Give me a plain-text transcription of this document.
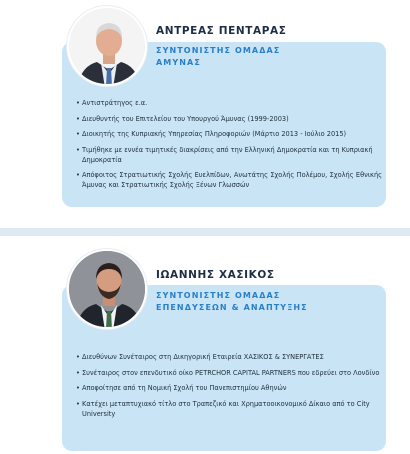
ΑΝΤΡΕΑΣ ΠΕΝΤΑΡΑΣ
ΣΥΝΤΟΝΙΣΤΗΣ ΟΜΑΔΑΣ
ΑΜΥΝΑΣ
• Αντιστράτηγος ε.α.
• Διευθυντής του Επιτελείου του Υπουργού Άμυνας (1999-2003)
• Διοικητής της Κυπριακής Υπηρεσίας Πληροφοριών (Μάρτιο 2013 - Ιούλιο 2015)
• Τιμήθηκε με εννέα τιμητικές διακρίσεις από την Ελληνική Δημοκρατία και τη Κυπριακή Δημοκρατία
• Απόφοιτος Στρατιωτικής Σχολής Ευελπίδων, Ανωτάτης Σχολής Πολέμου, Σχολής Εθνικής Άμυνας και Στρατιωτικής Σχολής Ξένων Γλωσσών
ΙΩΑΝΝΗΣ ΧΑΣΙΚΟΣ
ΣΥΝΤΟΝΙΣΤΗΣ ΟΜΑΔΑΣ
ΕΠΕΝΔΥΣΕΩΝ & ΑΝΑΠΤΥΞΗΣ
• Διευθύνων Συνέταιρος στη Δικηγορική Εταιρεία ΧΑΣΙΚΟΣ & ΣΥΝΕΡΓΑΤΕΣ
• Συνέταιρος στον επενδυτικό οίκο PETRCHOR CAPITAL PARTNERS που εδρεύει στο Λονδίνο
• Αποφοίτησε από τη Νομική Σχολή του Πανεπιστημίου Αθηνών
• Κατέχει μεταπτυχιακό τίτλο στο Τραπεζικό και Χρηματοοικονομικό Δίκαιο από το City University
